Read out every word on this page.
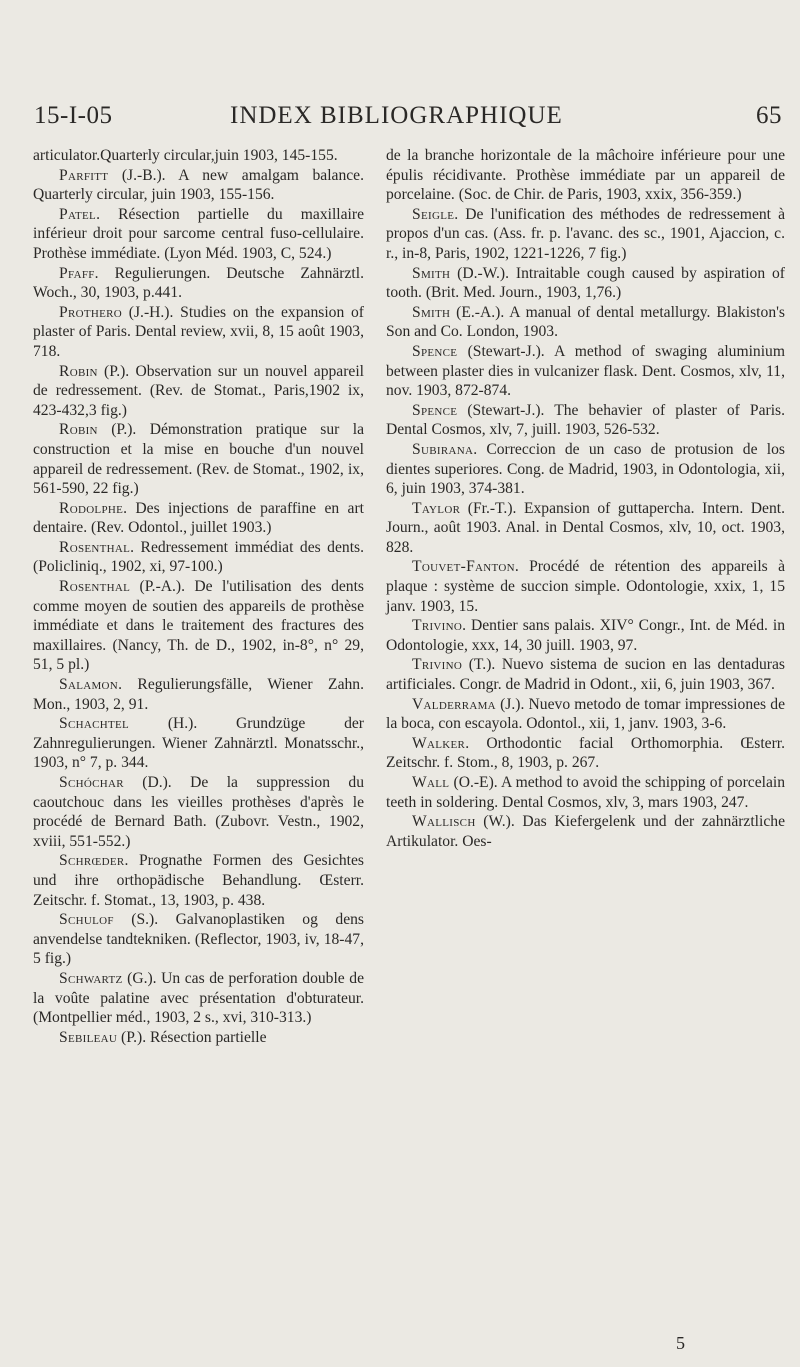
15-I-05	INDEX BIBLIOGRAPHIQUE	65

articulator.Quarterly circular,juin 1903, 145-155.

Parfitt (J.-B.). A new amalgam balance. Quarterly circular, juin 1903, 155-156.

Patel. Résection partielle du maxillaire inférieur droit pour sarcome central fuso-cellulaire. Prothèse immédiate. (Lyon Méd. 1903, C, 524.)

Pfaff. Regulierungen. Deutsche Zahnärztl. Woch., 30, 1903, p.441.

Prothero (J.-H.). Studies on the expansion of plaster of Paris. Dental review, xvii, 8, 15 août 1903, 718.

Robin (P.). Observation sur un nouvel appareil de redressement. (Rev. de Stomat., Paris,1902 ix, 423-432,3 fig.)

Robin (P.). Démonstration pratique sur la construction et la mise en bouche d'un nouvel appareil de redressement. (Rev. de Stomat., 1902, ix, 561-590, 22 fig.)

Rodolphe. Des injections de paraffine en art dentaire. (Rev. Odontol., juillet 1903.)

Rosenthal. Redressement immédiat des dents. (Policliniq., 1902, xi, 97-100.)

Rosenthal (P.-A.). De l'utilisation des dents comme moyen de soutien des appareils de prothèse immédiate et dans le traitement des fractures des maxillaires. (Nancy, Th. de D., 1902, in-8°, n° 29, 51, 5 pl.)

Salamon. Regulierungsfälle, Wiener Zahn. Mon., 1903, 2, 91.

Schachtel (H.). Grundzüge der Zahnregulierungen. Wiener Zahnärztl. Monatsschr., 1903, n° 7, p. 344.

Schóchar (D.). De la suppression du caoutchouc dans les vieilles prothèses d'après le procédé de Bernard Bath. (Zubovr. Vestn., 1902, xviii, 551-552.)

Schrœder. Prognathe Formen des Gesichtes und ihre orthopädische Behandlung. Œsterr. Zeitschr. f. Stomat., 13, 1903, p. 438.

Schulof (S.). Galvanoplastiken og dens anvendelse tandtekniken. (Reflector, 1903, iv, 18-47, 5 fig.)

Schwartz (G.). Un cas de perforation double de la voûte palatine avec présentation d'obturateur. (Montpellier méd., 1903, 2 s., xvi, 310-313.)

Sebileau (P.). Résection partielle

de la branche horizontale de la mâchoire inférieure pour une épulis récidivante. Prothèse immédiate par un appareil de porcelaine. (Soc. de Chir. de Paris, 1903, xxix, 356-359.)

Seigle. De l'unification des méthodes de redressement à propos d'un cas. (Ass. fr. p. l'avanc. des sc., 1901, Ajaccion, c. r., in-8, Paris, 1902, 1221-1226, 7 fig.)

Smith (D.-W.). Intraitable cough caused by aspiration of tooth. (Brit. Med. Journ., 1903, 1,76.)

Smith (E.-A.). A manual of dental metallurgy. Blakiston's Son and Co. London, 1903.

Spence (Stewart-J.). A method of swaging aluminium between plaster dies in vulcanizer flask. Dent. Cosmos, xlv, 11, nov. 1903, 872-874.

Spence (Stewart-J.). The behavier of plaster of Paris. Dental Cosmos, xlv, 7, juill. 1903, 526-532.

Subirana. Correccion de un caso de protusion de los dientes superiores. Cong. de Madrid, 1903, in Odontologia, xii, 6, juin 1903, 374-381.

Taylor (Fr.-T.). Expansion of guttapercha. Intern. Dent. Journ., août 1903. Anal. in Dental Cosmos, xlv, 10, oct. 1903, 828.

Touvet-Fanton. Procédé de rétention des appareils à plaque : système de succion simple. Odontologie, xxix, 1, 15 janv. 1903, 15.

Trivino. Dentier sans palais. XIV° Congr., Int. de Méd. in Odontologie, xxx, 14, 30 juill. 1903, 97.

Trivino (T.). Nuevo sistema de sucion en las dentaduras artificiales. Congr. de Madrid in Odont., xii, 6, juin 1903, 367.

Valderrama (J.). Nuevo metodo de tomar impressiones de la boca, con escayola. Odontol., xii, 1, janv. 1903, 3-6.

Walker. Orthodontic facial Orthomorphia. Œsterr. Zeitschr. f. Stom., 8, 1903, p. 267.

Wall (O.-E). A method to avoid the schipping of porcelain teeth in soldering. Dental Cosmos, xlv, 3, mars 1903, 247.

Wallisch (W.). Das Kiefergelenk und der zahnärztliche Artikulator. Oes-

5
